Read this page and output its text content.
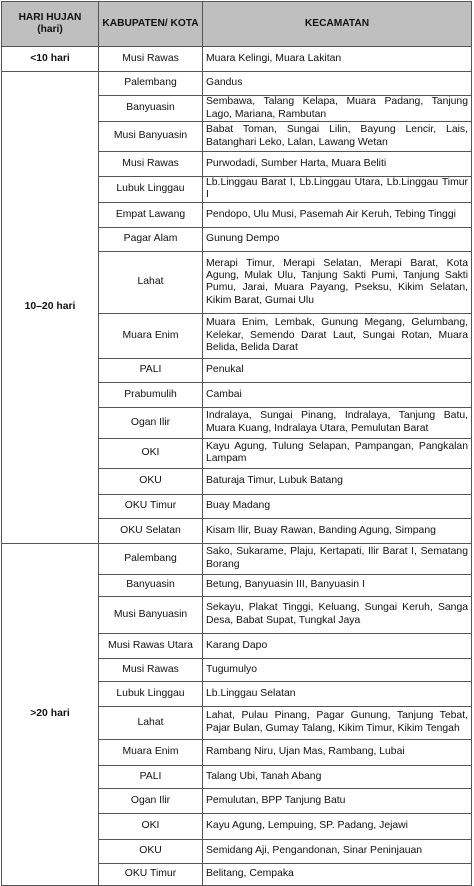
HARI HUJAN (hari)	KABUPATEN/ KOTA	KECAMATAN
<10 hari	Musi Rawas	Muara Kelingi, Muara Lakitan
10–20 hari	Palembang	Gandus
	Banyuasin	Sembawa, Talang Kelapa, Muara Padang, Tanjung Lago, Mariana, Rambutan
	Musi Banyuasin	Babat Toman, Sungai Lilin, Bayung Lencir, Lais, Batanghari Leko, Lalan, Lawang Wetan
	Musi Rawas	Purwodadi, Sumber Harta, Muara Beliti
	Lubuk Linggau	Lb.Linggau Barat I, Lb.Linggau Utara, Lb.Linggau Timur I
	Empat Lawang	Pendopo, Ulu Musi, Pasemah Air Keruh, Tebing Tinggi
	Pagar Alam	Gunung Dempo
	Lahat	Merapi Timur, Merapi Selatan, Merapi Barat, Kota Agung, Mulak Ulu, Tanjung Sakti Pumi, Tanjung Sakti Pumu, Jarai, Muara Payang, Pseksu, Kikim Selatan, Kikim Barat, Gumai Ulu
	Muara Enim	Muara Enim, Lembak, Gunung Megang, Gelumbang, Kelekar, Semendo Darat Laut, Sungai Rotan, Muara Belida, Belida Darat
	PALI	Penukal
	Prabumulih	Cambai
	Ogan Ilir	Indralaya, Sungai Pinang, Indralaya, Tanjung Batu, Muara Kuang, Indralaya Utara, Pemulutan Barat
	OKI	Kayu Agung, Tulung Selapan, Pampangan, Pangkalan Lampam
	OKU	Baturaja Timur, Lubuk Batang
	OKU Timur	Buay Madang
	OKU Selatan	Kisam Ilir, Buay Rawan, Banding Agung, Simpang
>20 hari	Palembang	Sako, Sukarame, Plaju, Kertapati, Ilir Barat I, Sematang Borang
	Banyuasin	Betung, Banyuasin III, Banyuasin I
	Musi Banyuasin	Sekayu, Plakat Tinggi, Keluang, Sungai Keruh, Sanga Desa, Babat Supat, Tungkal Jaya
	Musi Rawas Utara	Karang Dapo
	Musi Rawas	Tugumulyo
	Lubuk Linggau	Lb.Linggau Selatan
	Lahat	Lahat, Pulau Pinang, Pagar Gunung, Tanjung Tebat, Pajar Bulan, Gumay Talang, Kikim Timur, Kikim Tengah
	Muara Enim	Rambang Niru, Ujan Mas, Rambang, Lubai
	PALI	Talang Ubi, Tanah Abang
	Ogan Ilir	Pemulutan, BPP Tanjung Batu
	OKI	Kayu Agung, Lempuing, SP. Padang, Jejawi
	OKU	Semidang Aji, Pengandonan, Sinar Peninjauan
	OKU Timur	Belitang, Cempaka
